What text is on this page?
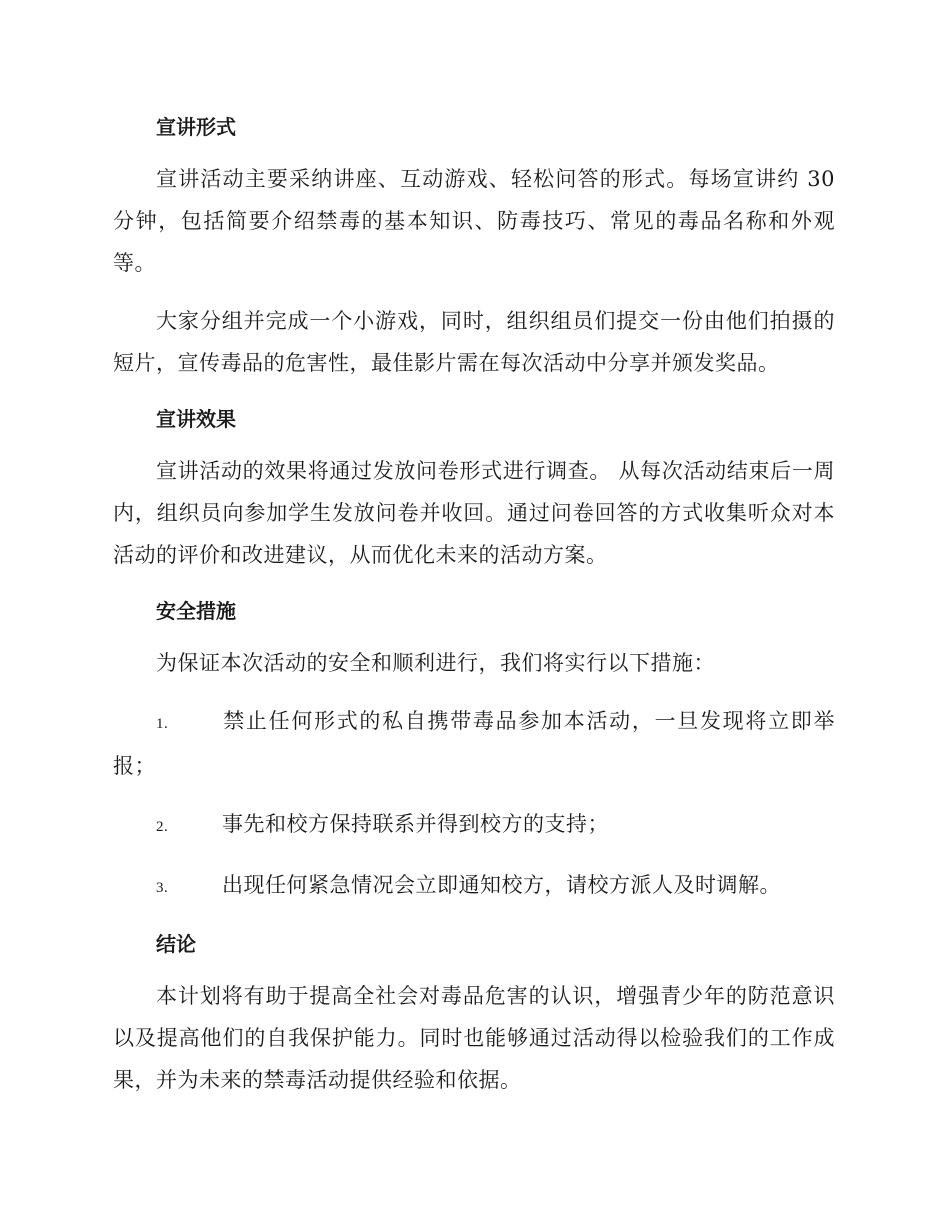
宣讲形式

宣讲活动主要采纳讲座、互动游戏、轻松问答的形式。每场宣讲约 30 分钟，包括简要介绍禁毒的基本知识、防毒技巧、常见的毒品名称和外观等。

大家分组并完成一个小游戏，同时，组织组员们提交一份由他们拍摄的短片，宣传毒品的危害性，最佳影片需在每次活动中分享并颁发奖品。

宣讲效果

宣讲活动的效果将通过发放问卷形式进行调查。 从每次活动结束后一周内，组织员向参加学生发放问卷并收回。通过问卷回答的方式收集听众对本活动的评价和改进建议，从而优化未来的活动方案。

安全措施

为保证本次活动的安全和顺利进行，我们将实行以下措施：

1.	禁止任何形式的私自携带毒品参加本活动，一旦发现将立即举报；

2.	事先和校方保持联系并得到校方的支持；

3.	出现任何紧急情况会立即通知校方，请校方派人及时调解。

结论

本计划将有助于提高全社会对毒品危害的认识，增强青少年的防范意识以及提高他们的自我保护能力。同时也能够通过活动得以检验我们的工作成果，并为未来的禁毒活动提供经验和依据。
